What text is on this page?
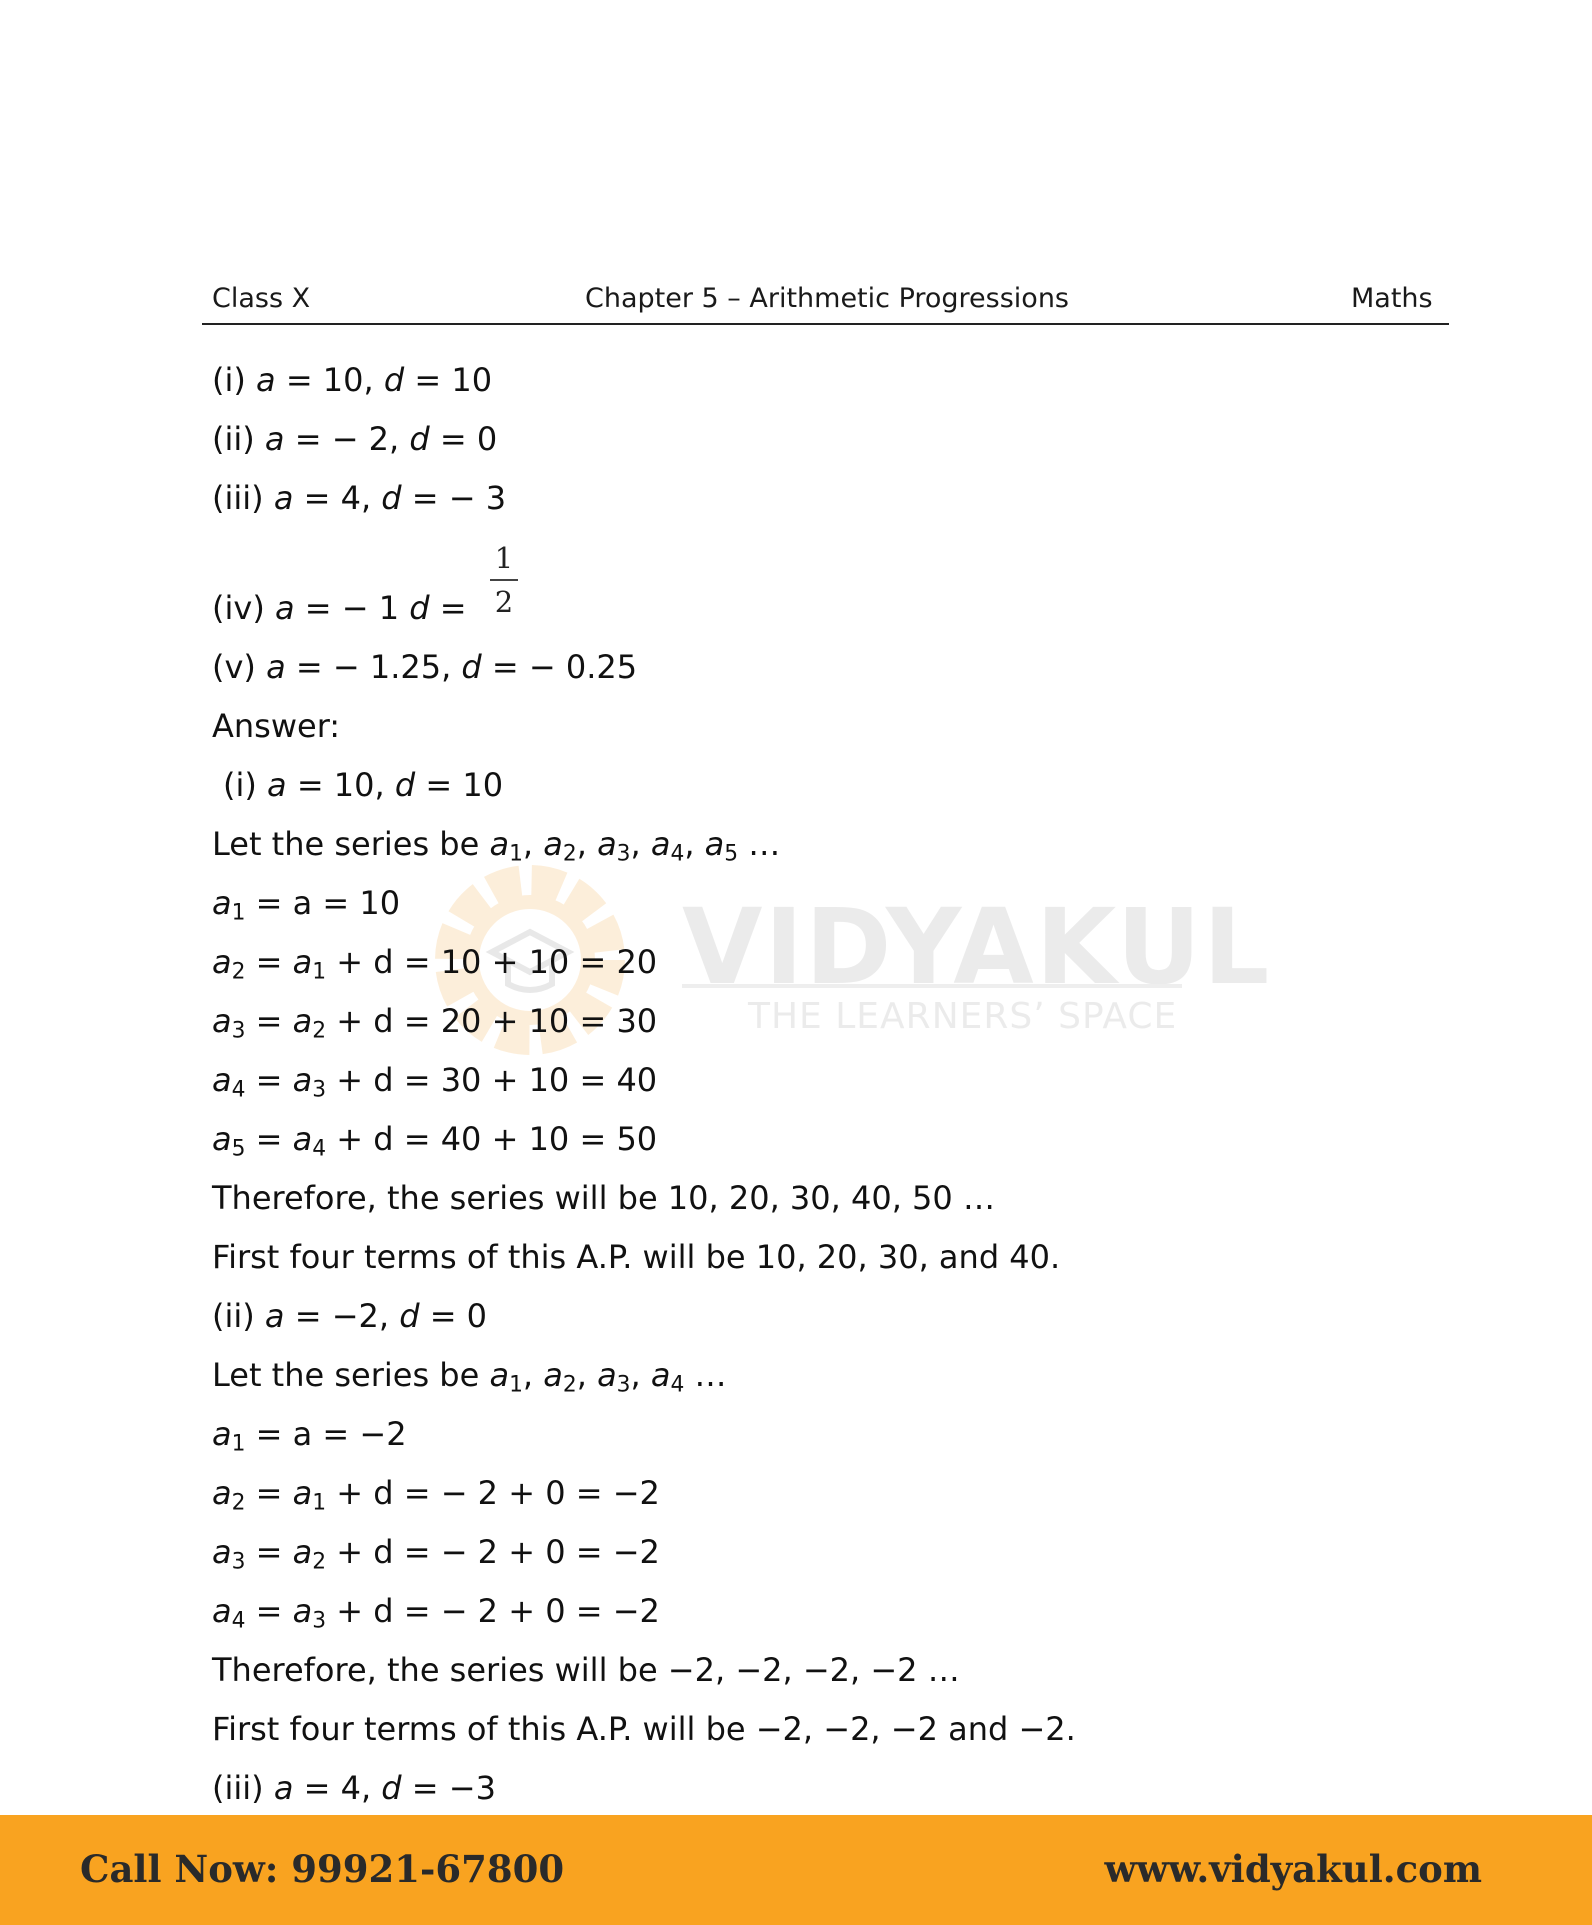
Class X	Chapter 5 – Arithmetic Progressions	Maths
VIDYAKUL
THE LEARNERS’ SPACE
(i) a = 10, d = 10
(ii) a = − 2, d = 0
(iii) a = 4, d = − 3
(iv) a = − 1 d =
1
2
(v) a = − 1.25, d = − 0.25
Answer:
(i) a = 10, d = 10
Let the series be $a_1$, $a_2$, $a_3$, $a_4$, $a_5$ …
$a_1 = a = 10$
$a_2 = a_1 + d = 10 + 10 = 20$
$a_3 = a_2 + d = 20 + 10 = 30$
$a_4 = a_3 + d = 30 + 10 = 40$
$a_5 = a_4 + d = 40 + 10 = 50$
Therefore, the series will be 10, 20, 30, 40, 50 …
First four terms of this A.P. will be 10, 20, 30, and 40.
(ii) a = −2, d = 0
Let the series be $a_1$, $a_2$, $a_3$, $a_4$ …
$a_1 = a = -2$
$a_2 = a_1 + d$ = − 2 + 0 = −2
$a_3 = a_2 + d$ = − 2 + 0 = −2
$a_4 = a_3 + d$ = − 2 + 0 = −2
Therefore, the series will be −2, −2, −2, −2 …
First four terms of this A.P. will be −2, −2, −2 and −2.
(iii) a = 4, d = −3
Call Now: 99921-67800	www.vidyakul.com
